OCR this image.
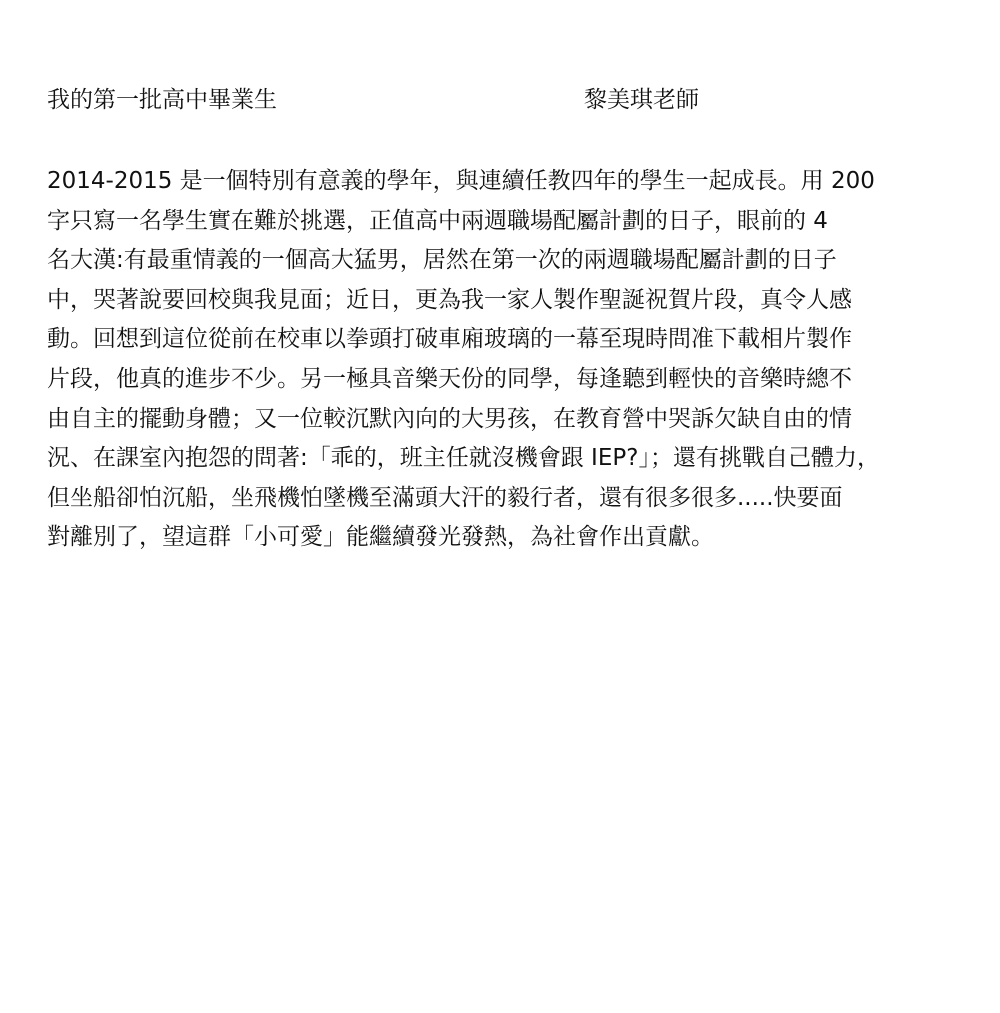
我的第一批高中畢業生	黎美琪老師
2014-2015 是一個特別有意義的學年，與連續任教四年的學生一起成長。用 200
字只寫一名學生實在難於挑選，正值高中兩週職場配屬計劃的日子，眼前的 4
名大漢:有最重情義的一個高大猛男，居然在第一次的兩週職場配屬計劃的日子
中，哭著說要回校與我見面；近日，更為我一家人製作聖誕祝賀片段，真令人感
動。回想到這位從前在校車以拳頭打破車廂玻璃的一幕至現時問准下載相片製作
片段，他真的進步不少。另一極具音樂天份的同學，每逢聽到輕快的音樂時總不
由自主的擺動身體；又一位較沉默內向的大男孩，在教育營中哭訴欠缺自由的情
況、在課室內抱怨的問著:「乖的，班主任就沒機會跟 IEP?」；還有挑戰自己體力，
但坐船卻怕沉船，坐飛機怕墜機至滿頭大汗的毅行者，還有很多很多.....快要面
對離別了，望這群「小可愛」能繼續發光發熱，為社會作出貢獻。
